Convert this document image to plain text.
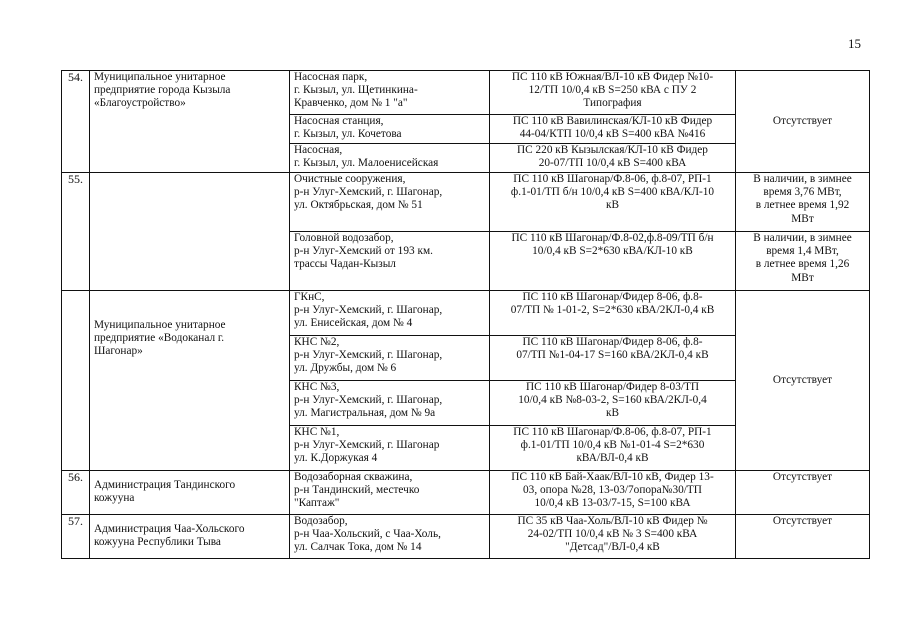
15
54.	Муниципальное унитарное
предприятие города Кызыла
«Благоустройство»	Насосная парк,
г. Кызыл, ул. Щетинкина-
Кравченко, дом № 1 "а"	ПС 110 кВ Южная/ВЛ-10 кВ Фидер №10-
12/ТП 10/0,4 кВ S=250 кВА с ПУ 2
Типография	Отсутствует

		Насосная станция,
г. Кызыл, ул. Кочетова	ПС 110 кВ Вавилинская/КЛ-10 кВ Фидер
44-04/КТП 10/0,4 кВ S=400 кВА №416	

		Насосная,
г. Кызыл, ул. Малоенисейская	ПС 220 кВ Кызылская/КЛ-10 кВ Фидер
20-07/ТП 10/0,4 кВ S=400 кВА	

55.		Очистные сооружения,
р-н Улуг-Хемский, г. Шагонар,
ул. Октябрьская, дом № 51	ПС 110 кВ Шагонар/Ф.8-06, ф.8-07, РП-1
ф.1-01/ТП б/н 10/0,4 кВ S=400 кВА/КЛ-10
кВ	В наличии, в зимнее
время 3,76 МВт,
в летнее время 1,92
МВт

		Головной водозабор,
р-н Улуг-Хемский от 193 км.
трассы Чадан-Кызыл	ПС 110 кВ Шагонар/Ф.8-02,ф.8-09/ТП б/н
10/0,4 кВ S=2*630 кВА/КЛ-10 кВ	В наличии, в зимнее
время 1,4 МВт,
в летнее время 1,26
МВт

	Муниципальное унитарное
предприятие «Водоканал г.
Шагонар»	ГКнС,
р-н Улуг-Хемский, г. Шагонар,
ул. Енисейская, дом № 4	ПС 110 кВ Шагонар/Фидер 8-06, ф.8-
07/ТП № 1-01-2, S=2*630 кВА/2КЛ-0,4 кВ	Отсутствует

		КНС №2,
р-н Улуг-Хемский, г. Шагонар,
ул. Дружбы, дом № 6	ПС 110 кВ Шагонар/Фидер 8-06, ф.8-
07/ТП №1-04-17 S=160 кВА/2КЛ-0,4 кВ	

		КНС №3,
р-н Улуг-Хемский, г. Шагонар,
ул. Магистральная, дом № 9а	ПС 110 кВ Шагонар/Фидер 8-03/ТП
10/0,4 кВ №8-03-2, S=160 кВА/2КЛ-0,4
кВ	

		КНС №1,
р-н Улуг-Хемский, г. Шагонар
ул. К.Доржукая 4	ПС 110 кВ Шагонар/Ф.8-06, ф.8-07, РП-1
ф.1-01/ТП 10/0,4 кВ №1-01-4 S=2*630
кВА/ВЛ-0,4 кВ	

56.	Администрация Тандинского
кожууна	Водозаборная скважина,
р-н Тандинский, местечко
"Каптаж"	ПС 110 кВ Бай-Хаак/ВЛ-10 кВ, Фидер 13-
03, опора №28, 13-03/7опора№30/ТП
10/0,4 кВ 13-03/7-15, S=100 кВА	Отсутствует

57.	Администрация Чаа-Хольского
кожууна Республики Тыва	Водозабор,
р-н Чаа-Хольский, с Чаа-Холь,
ул. Салчак Тока, дом № 14	ПС 35 кВ Чаа-Холь/ВЛ-10 кВ Фидер №
24-02/ТП 10/0,4 кВ № 3 S=400 кВА
"Детсад"/ВЛ-0,4 кВ	Отсутствует
